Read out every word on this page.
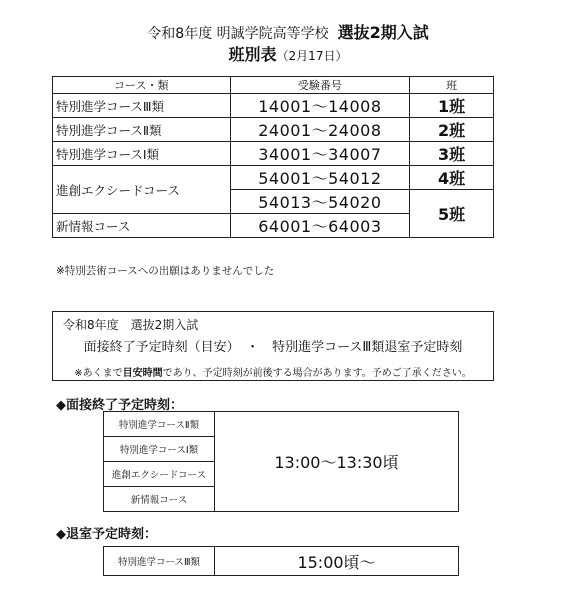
令和8年度 明誠学院高等学校 選抜2期入試
班別表（2月17日）
コース・類	受験番号	班
特別進学コースⅢ類	14001～14008	1班
特別進学コースⅡ類	24001～24008	2班
特別進学コースⅠ類	34001～34007	3班
進創エクシードコース	54001～54012	4班
	54013～54020	5班
新情報コース	64001～64003	
※特別芸術コースへの出願はありませんでした
令和8年度　選抜2期入試
面接終了予定時刻（目安）　・　特別進学コースⅢ類退室予定時刻
※あくまで目安時間であり、予定時刻が前後する場合があります。予めご了承ください。
◆面接終了予定時刻：
特別進学コースⅡ類	13:00～13:30頃
特別進学コースⅠ類
進創エクシードコース
新情報コース
◆退室予定時刻：
特別進学コースⅢ類	15:00頃～
